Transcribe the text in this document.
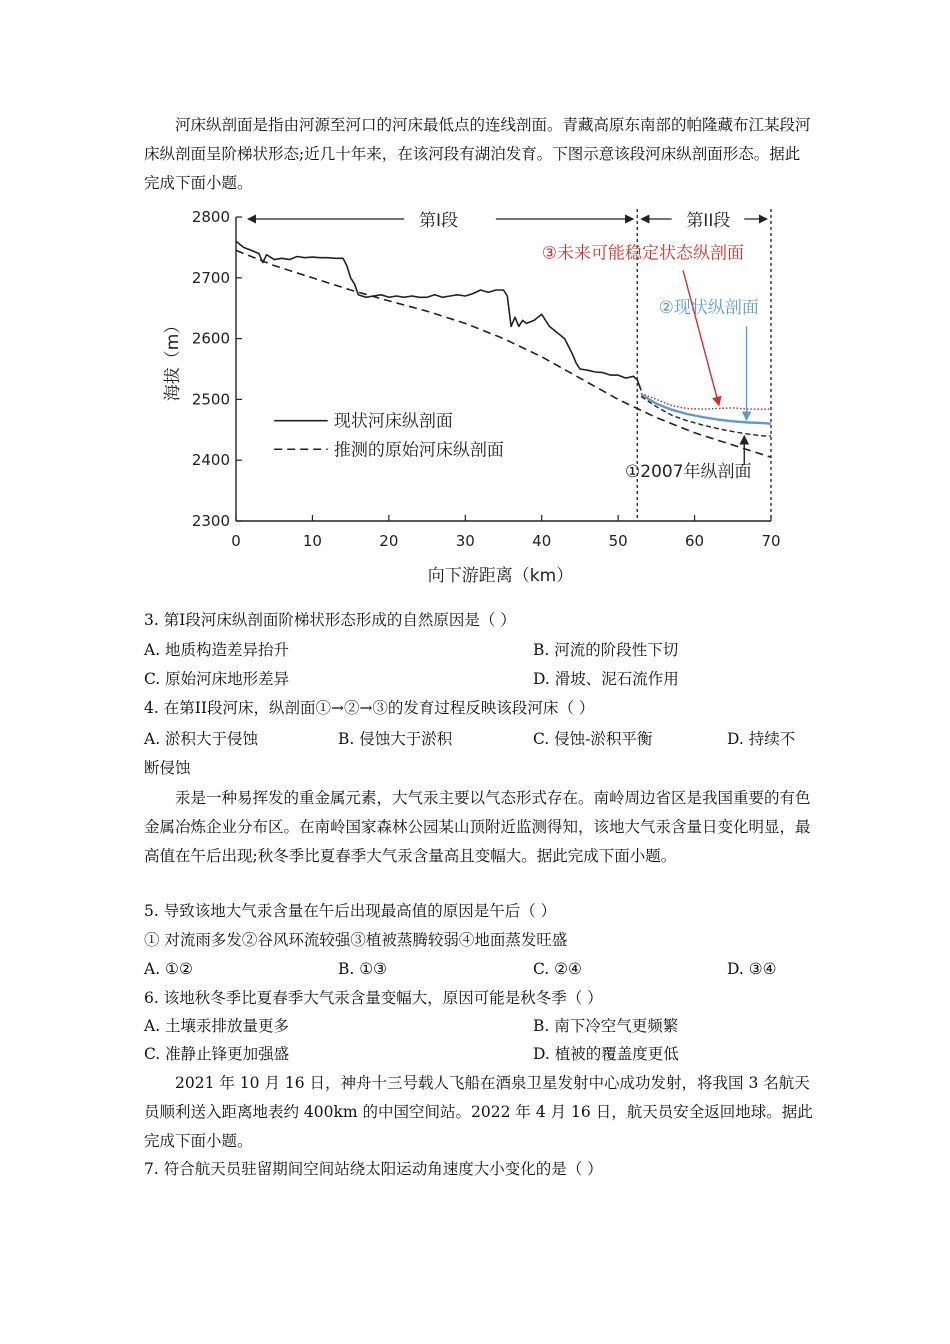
河床纵剖面是指由河源至河口的河床最低点的连线剖面。青藏高原东南部的帕隆藏布江某段河床纵剖面呈阶梯状形态;近几十年来，在该河段有湖泊发育。下图示意该段河床纵剖面形态。据此完成下面小题。
0	10	20	30	40	50	60	70
2300
2400
2500
2600
2700
2800
向下游距离（km）
海拔（m）
第I段	第II段
现状河床纵剖面
推测的原始河床纵剖面
③未来可能稳定状态纵剖面
②现状纵剖面
①2007年纵剖面
3. 第I段河床纵剖面阶梯状形态形成的自然原因是（ ）
A. 地质构造差异抬升	B. 河流的阶段性下切
C. 原始河床地形差异	D. 滑坡、泥石流作用
4. 在第II段河床，纵剖面①→②→③的发育过程反映该段河床（ ）
A. 淤积大于侵蚀	B. 侵蚀大于淤积	C. 侵蚀-淤积平衡	D. 持续不
断侵蚀
汞是一种易挥发的重金属元素，大气汞主要以气态形式存在。南岭周边省区是我国重要的有色金属冶炼企业分布区。在南岭国家森林公园某山顶附近监测得知，该地大气汞含量日变化明显，最高值在午后出现;秋冬季比夏春季大气汞含量高且变幅大。据此完成下面小题。
5. 导致该地大气汞含量在午后出现最高值的原因是午后（ ）
① 对流雨多发②谷风环流较强③植被蒸腾较弱④地面蒸发旺盛
A. ①②	B. ①③	C. ②④	D. ③④
6. 该地秋冬季比夏春季大气汞含量变幅大，原因可能是秋冬季（ ）
A. 土壤汞排放量更多	B. 南下冷空气更频繁
C. 准静止锋更加强盛	D. 植被的覆盖度更低
2021 年 10 月 16 日，神舟十三号载人飞船在酒泉卫星发射中心成功发射，将我国 3 名航天员顺利送入距离地表约 400km 的中国空间站。2022 年 4 月 16 日，航天员安全返回地球。据此完成下面小题。
7. 符合航天员驻留期间空间站绕太阳运动角速度大小变化的是（ ）
